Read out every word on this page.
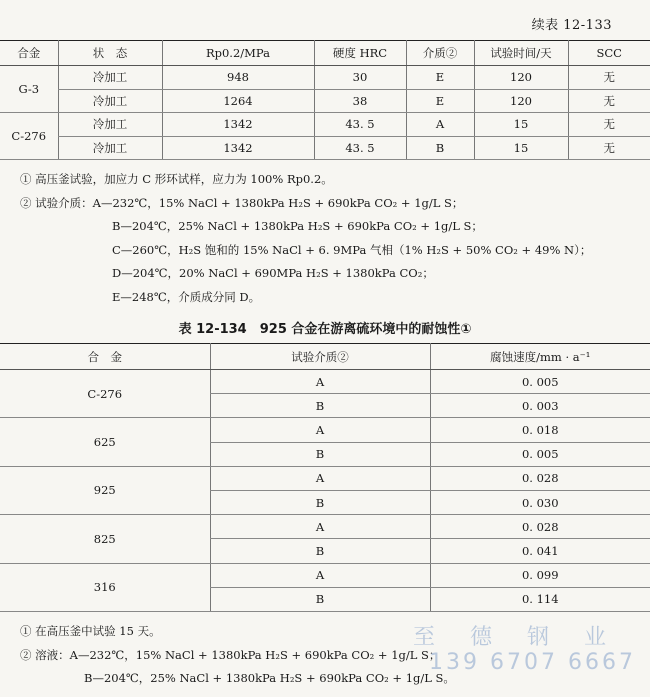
续表 12-133
合金	状　态	Rp0.2/MPa	硬度 HRC	介质②	试验时间/天	SCC
G-3	冷加工	948	30	E	120	无
	冷加工	1264	38	E	120	无
C-276	冷加工	1342	43. 5	A	15	无
	冷加工	1342	43. 5	B	15	无
① 高压釜试验，加应力 C 形环试样，应力为 100% Rp0.2。
② 试验介质：A—232℃，15% NaCl + 1380kPa H₂S + 690kPa CO₂ + 1g/L S；
B—204℃，25% NaCl + 1380kPa H₂S + 690kPa CO₂ + 1g/L S；
C—260℃，H₂S 饱和的 15% NaCl + 6. 9MPa 气相（1% H₂S + 50% CO₂ + 49% N）；
D—204℃，20% NaCl + 690MPa H₂S + 1380kPa CO₂；
E—248℃，介质成分同 D。
表 12-134　925 合金在游离硫环境中的耐蚀性①
合　金	试验介质②	腐蚀速度/mm · a⁻¹
C-276	A	0. 005
	B	0. 003
625	A	0. 018
	B	0. 005
925	A	0. 028
	B	0. 030
825	A	0. 028
	B	0. 041
316	A	0. 099
	B	0. 114
① 在高压釜中试验 15 天。
② 溶液：A—232℃，15% NaCl + 1380kPa H₂S + 690kPa CO₂ + 1g/L S；
B—204℃，25% NaCl + 1380kPa H₂S + 690kPa CO₂ + 1g/L S。
至 德 钢 业
139 6707 6667
